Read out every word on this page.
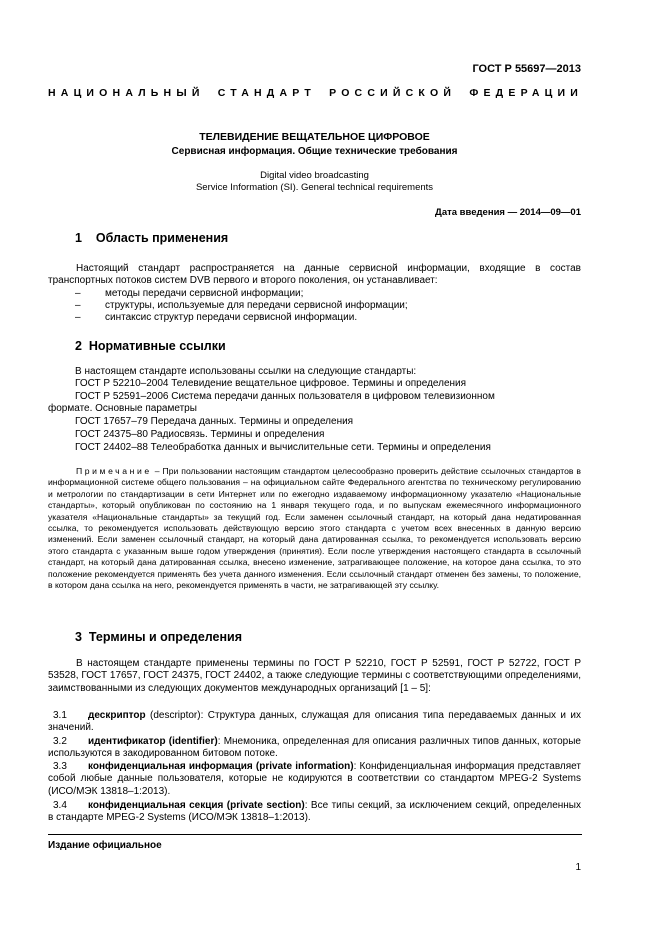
ГОСТ Р 55697—2013
НАЦИОНАЛЬНЫЙ СТАНДАРТ РОССИЙСКОЙ ФЕДЕРАЦИИ
ТЕЛЕВИДЕНИЕ ВЕЩАТЕЛЬНОЕ ЦИФРОВОЕ
Сервисная информация. Общие технические требования
Digital video broadcasting
Service Information (SI). General technical requirements
Дата введения — 2014—09—01
1    Область применения
Настоящий стандарт распространяется на данные сервисной информации, входящие в состав транспортных потоков систем DVB первого и второго поколения, он устанавливает:
– методы передачи сервисной информации;
– структуры, используемые для передачи сервисной информации;
– синтаксис структур передачи сервисной информации.
2  Нормативные ссылки
В настоящем стандарте использованы ссылки на следующие стандарты:
ГОСТ Р 52210–2004 Телевидение вещательное цифровое. Термины и определения
ГОСТ Р 52591–2006 Система передачи данных пользователя в цифровом телевизионном
формате. Основные параметры
ГОСТ 17657–79 Передача данных. Термины и определения
ГОСТ 24375–80 Радиосвязь. Термины и определения
ГОСТ 24402–88 Телеобработка данных и вычислительные сети. Термины и определения
Примечание – При пользовании настоящим стандартом целесообразно проверить действие ссылочных стандартов в информационной системе общего пользования – на официальном сайте Федерального агентства по техническому регулированию и метрологии по стандартизации в сети Интернет или по ежегодно издаваемому информационному указателю «Национальные стандарты», который опубликован по состоянию на 1 января текущего года, и по выпускам ежемесячного информационного указателя «Национальные стандарты» за текущий год. Если заменен ссылочный стандарт, на который дана недатированная ссылка, то рекомендуется использовать действующую версию этого стандарта с учетом всех внесенных в данную версию изменений. Если заменен ссылочный стандарт, на который дана датированная ссылка, то рекомендуется использовать версию этого стандарта с указанным выше годом утверждения (принятия). Если после утверждения настоящего стандарта в ссылочный стандарт, на который дана датированная ссылка, внесено изменение, затрагивающее положение, на которое дана ссылка, то это положение рекомендуется применять без учета данного изменения. Если ссылочный стандарт отменен без замены, то положение, в котором дана ссылка на него, рекомендуется применять в части, не затрагивающей эту ссылку.
3  Термины и определения
В настоящем стандарте применены термины по ГОСТ Р 52210, ГОСТ Р 52591, ГОСТ Р 52722, ГОСТ Р 53528, ГОСТ 17657, ГОСТ 24375, ГОСТ 24402, а также следующие термины с соответствующими определениями, заимствованными из следующих документов международных организаций [1 – 5]:
3.1 дескриптор (descriptor): Структура данных, служащая для описания типа передаваемых данных и их значений.
3.2 идентификатор (identifier): Мнемоника, определенная для описания различных типов данных, которые используются в закодированном битовом потоке.
3.3 конфиденциальная информация (private information): Конфиденциальная информация представляет собой любые данные пользователя, которые не кодируются в соответствии со стандартом MPEG-2 Systems (ИСО/МЭК 13818–1:2013).
3.4 конфиденциальная секция (private section): Все типы секций, за исключением секций, определенных в стандарте MPEG-2 Systems (ИСО/МЭК 13818–1:2013).
Издание официальное
1
